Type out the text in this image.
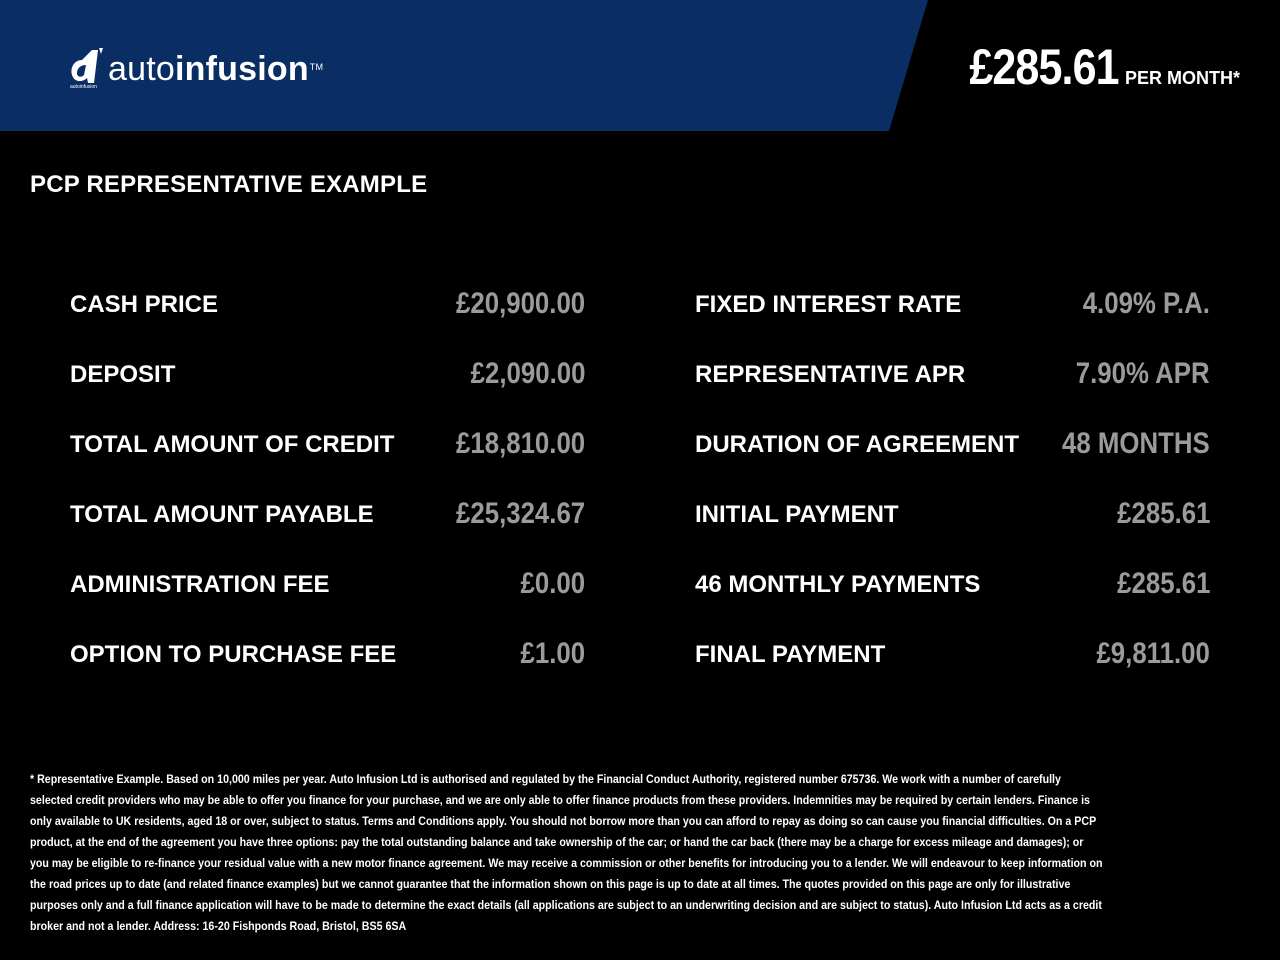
autoinfusion autoinfusion™	£285.61 PER MONTH*
PCP REPRESENTATIVE EXAMPLE
CASH PRICE	£20,900.00
DEPOSIT	£2,090.00
TOTAL AMOUNT OF CREDIT £18,810.00
TOTAL AMOUNT PAYABLE	£25,324.67
ADMINISTRATION FEE	£0.00
OPTION TO PURCHASE FEE	£1.00
FIXED INTEREST RATE	4.09% P.A.
REPRESENTATIVE APR	7.90% APR
DURATION OF AGREEMENT 48 MONTHS
INITIAL PAYMENT	£285.61
46 MONTHLY PAYMENTS	£285.61
FINAL PAYMENT	£9,811.00
* Representative Example. Based on 10,000 miles per year. Auto Infusion Ltd is authorised and regulated by the Financial Conduct Authority, registered number 675736. We work with a number of carefully selected credit providers who may be able to offer you finance for your purchase, and we are only able to offer finance products from these providers. Indemnities may be required by certain lenders. Finance is only available to UK residents, aged 18 or over, subject to status. Terms and Conditions apply. You should not borrow more than you can afford to repay as doing so can cause you financial difficulties. On a PCP product, at the end of the agreement you have three options: pay the total outstanding balance and take ownership of the car; or hand the car back (there may be a charge for excess mileage and damages); or you may be eligible to re-finance your residual value with a new motor finance agreement. We may receive a commission or other benefits for introducing you to a lender. We will endeavour to keep information on the road prices up to date (and related finance examples) but we cannot guarantee that the information shown on this page is up to date at all times. The quotes provided on this page are only for illustrative purposes only and a full finance application will have to be made to determine the exact details (all applications are subject to an underwriting decision and are subject to status). Auto Infusion Ltd acts as a credit broker and not a lender. Address: 16-20 Fishponds Road, Bristol, BS5 6SA
